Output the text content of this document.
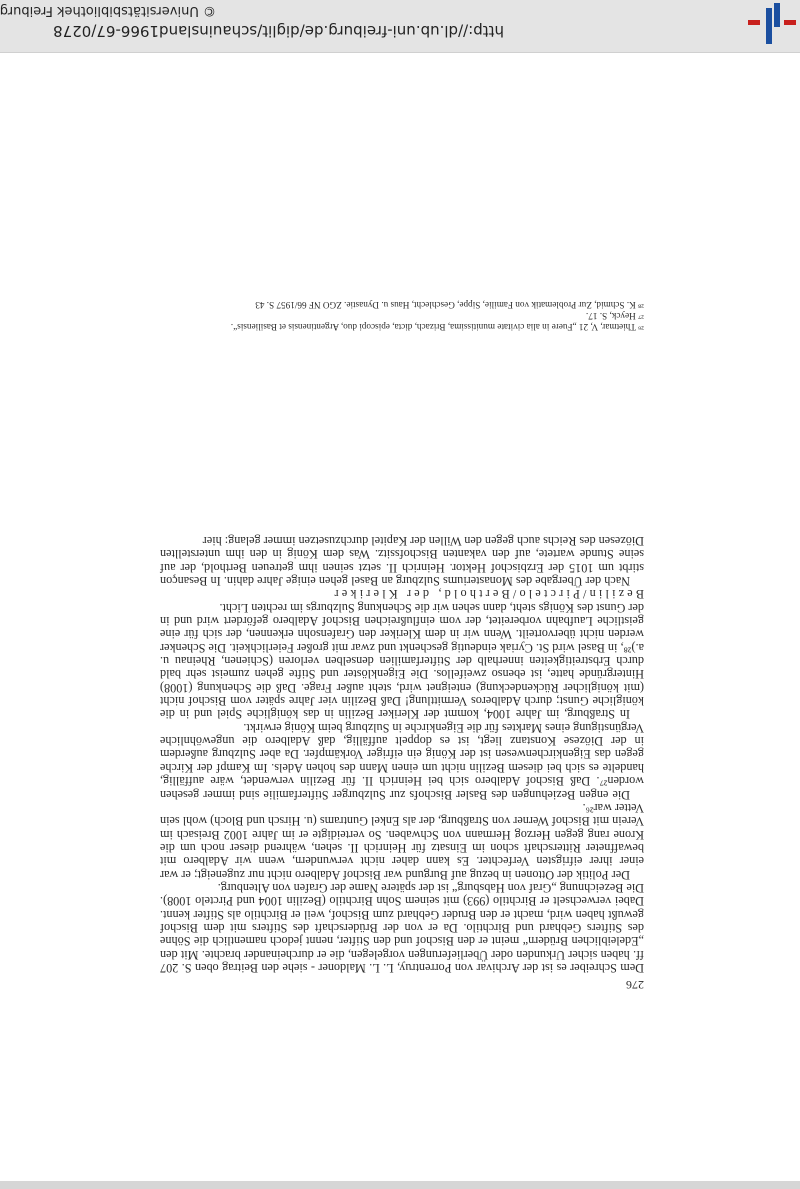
http://dl.ub.uni-freiburg.de/diglit/schauinsland1966-67/0278
© Universitätsbibliothek Freiburg
276

Dem Schreiber es ist der Archivar von Porrentruy, L. L. Maldoner - siehe den Beitrag oben S. 207 ff. haben sicher Urkunden oder Überlieferungen vorgelegen, die er durcheinander brachte. Mit den „Edeleiblichen Brüdern“ meint er den Bischof und den Stifter, nennt jedoch namentlich die Söhne des Stifters Gebhard und Birchtilo. Da er von der Brüderschaft des Stifters mit dem Bischof gewußt haben wird, macht er den Bruder Gebhard zum Bischof, weil er Birchtilo als Stifter kennt. Dabei verwechselt er Birchtilo (993) mit seinem Sohn Birchtilo (Bezilin 1004 und Pirctelo 1008). Die Bezeichnung „Graf von Habsburg“ ist der spätere Name der Grafen von Altenburg.

Der Politik der Ottonen in bezug auf Burgund war Bischof Adalbero nicht nur zugeneigt; er war einer ihrer eifrigsten Verfechter. Es kann daher nicht verwundern, wenn wir Adalbero mit bewaffneter Ritterschaft schon im Einsatz für Heinrich II. sehen, während dieser noch um die Krone rang gegen Herzog Hermann von Schwaben. So verteidigte er im Jahre 1002 Breisach im Verein mit Bischof Werner von Straßburg, der als Enkel Guntrams (u. Hirsch und Bloch) wohl sein Vetter war²⁶.

Die engen Beziehungen des Basler Bischofs zur Sulzburger Stifterfamilie sind immer gesehen worden²⁷. Daß Bischof Adalbero sich bei Heinrich II. für Bezilin verwendet, wäre auffällig, handelte es sich bei diesem Bezilin nicht um einen Mann des hohen Adels. Im Kampf der Kirche gegen das Eigenkirchenwesen ist der König ein eifriger Vorkämpfer. Da aber Sulzburg außerdem in der Diözese Konstanz liegt, ist es doppelt auffällig, daß Adalbero die ungewöhnliche Vergünstigung eines Marktes für die Eigenkirche in Sulzburg beim König erwirkt.

In Straßburg, im Jahre 1004, kommt der Kleriker Bezilin in das königliche Spiel und in die königliche Gunst; durch Adalberos Vermittlung! Daß Bezilin vier Jahre später vom Bischof nicht (mit königlicher Rückendeckung) enteignet wird, steht außer Frage. Daß die Schenkung (1008) Hintergründe hatte, ist ebenso zweifellos. Die Eigenklöster und Stifte gehen zumeist sehr bald durch Erbstreitigkeiten innerhalb der Stifterfamilien denselben verloren (Schienen, Rheinau u. a.)²⁸, in Basel wird St. Cyriak eindeutig geschenkt und zwar mit großer Feierlichkeit. Die Schenker werden nicht übervorteilt. Wenn wir in dem Kleriker den Grafensohn erkennen, der sich für eine geistliche Laufbahn vorbereitet, der vom einflußreichen Bischof Adalbero gefördert wird und in der Gunst des Königs steht, dann sehen wir die Schenkung Sulzburgs im rechten Licht.

Bezilin/Pirctelo/Berthold, der Kleriker

Nach der Übergabe des Monasteriums Sulzburg an Basel gehen einige Jahre dahin. In Besançon stirbt um 1015 der Erzbischof Hektor. Heinrich II. setzt seinen ihm getreuen Berthold, der auf seine Stunde wartete, auf den vakanten Bischofssitz. Was dem König in den ihm unterstellten Diözesen des Reichs auch gegen den Willen der Kapitel durchzusetzen immer gelang: hier

²⁶ Thietmar, V, 21 „Fuere in alia civitate munitissima, Brizach, dicta, episcopi duo, Argentinensis et Basiliensis“.

²⁷ Heyck, S. 17.

²⁸ K. Schmid, Zur Problematik von Familie, Sippe, Geschlecht, Haus u. Dynastie. ZGO NF 66/1957 S. 43
